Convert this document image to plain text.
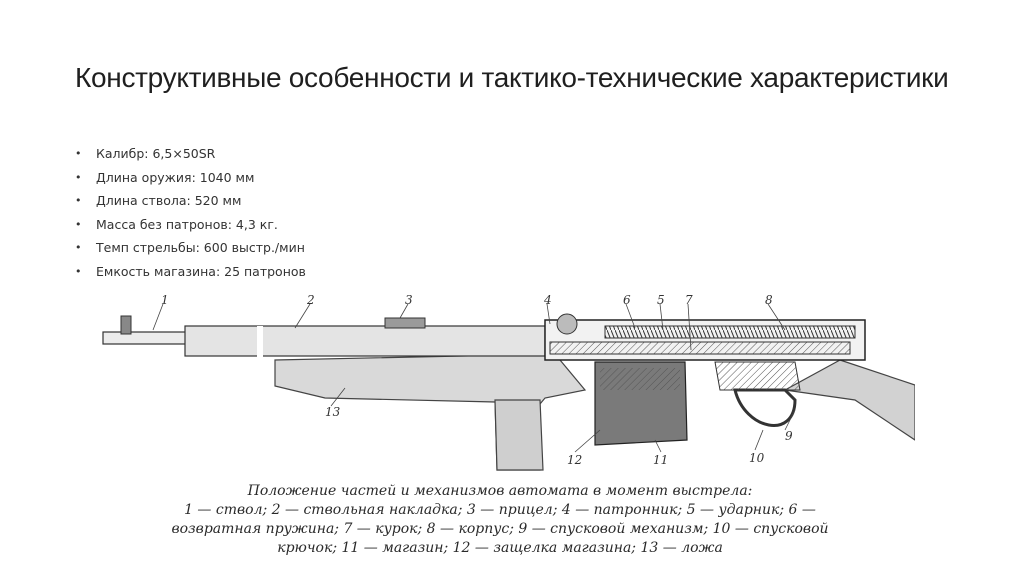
Конструктивные особенности и тактико-технические характеристики
• Калибр: 6,5×50SR
• Длина оружия: 1040 мм
• Длина ствола: 520 мм
• Масса без патронов: 4,3 кг.
• Темп стрельбы: 600 выстр./мин
• Емкость магазина: 25 патронов
1	2	3	4	6 5 7	8
13
12	11	10
9
Положение частей и механизмов автомата в момент выстрела:
1 — ствол; 2 — ствольная накладка; 3 — прицел; 4 — патронник; 5 — ударник; 6 —
возвратная пружина; 7 — курок; 8 — корпус; 9 — спусковой механизм; 10 — спусковой
крючок; 11 — магазин; 12 — защелка магазина; 13 — ложа
